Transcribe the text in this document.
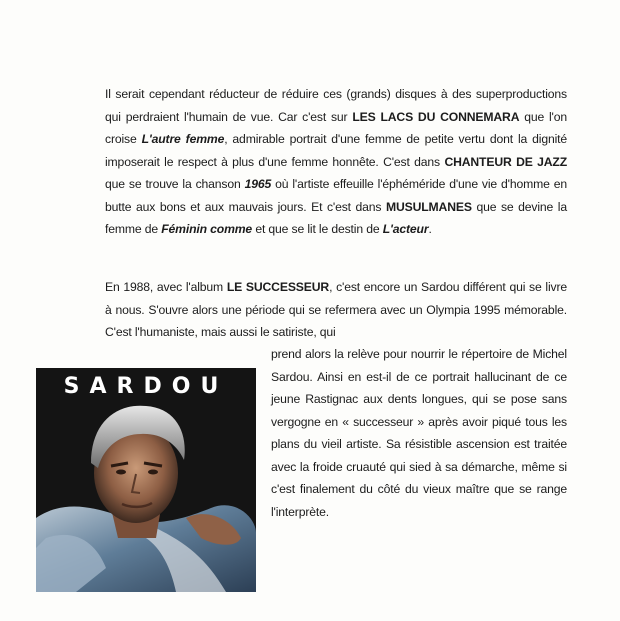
Il serait cependant réducteur de réduire ces (grands) disques à des superproductions qui perdraient l'humain de vue. Car c'est sur LES LACS DU CONNEMARA que l'on croise L'autre femme, admirable portrait d'une femme de petite vertu dont la dignité imposerait le respect à plus d'une femme honnête. C'est dans CHANTEUR DE JAZZ que se trouve la chanson 1965 où l'artiste effeuille l'éphéméride d'une vie d'homme en butte aux bons et aux mauvais jours. Et c'est dans MUSULMANES que se devine la femme de Féminin comme et que se lit le destin de L'acteur.
En 1988, avec l'album LE SUCCESSEUR, c'est encore un Sardou différent qui se livre à nous. S'ouvre alors une période qui se refermera avec un Olympia 1995 mémorable. C'est l'humaniste, mais aussi le satiriste, qui
prend alors la relève pour nourrir le répertoire de Michel Sardou. Ainsi en est-il de ce portrait hallucinant de ce jeune Rastignac aux dents longues, qui se pose sans vergogne en « successeur » après avoir piqué tous les plans du vieil artiste. Sa résistible ascension est traitée avec la froide cruauté qui sied à sa démarche, même si c'est finalement du côté du vieux maître que se range l'interprète.
SARDOU
